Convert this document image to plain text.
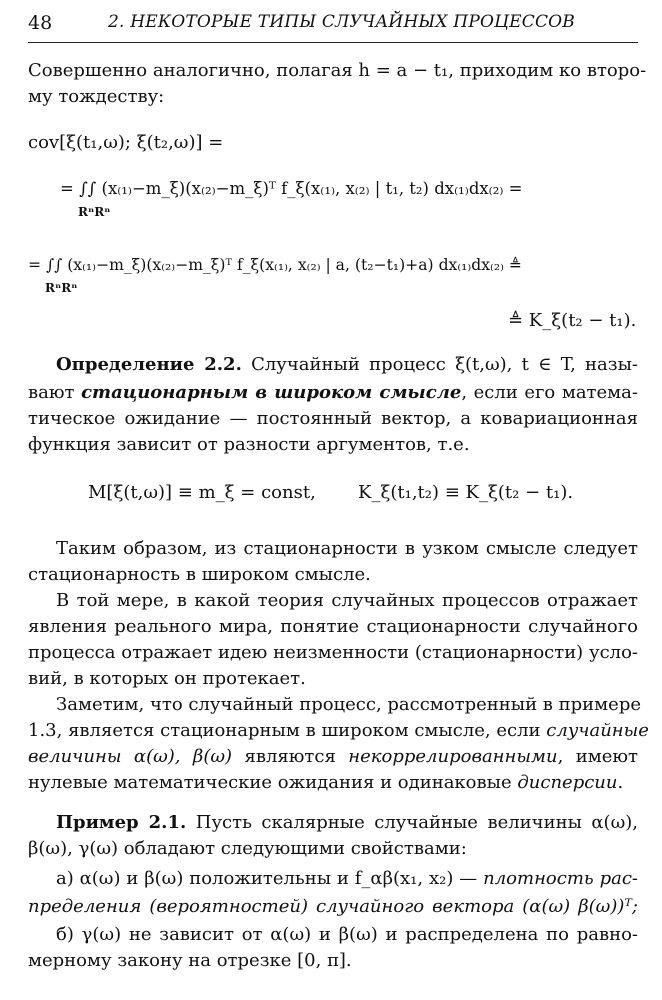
48	2. НЕКОТОРЫЕ ТИПЫ СЛУЧАЙНЫХ ПРОЦЕССОВ
Совершенно аналогично, полагая h = a − t₁, приходим ко второ-
му тождеству:
cov[ξ(t₁,ω); ξ(t₂,ω)] =
= ∫∫ (x₍₁₎−m_ξ)(x₍₂₎−m_ξ)ᵀ f_ξ(x₍₁₎, x₍₂₎ | t₁, t₂) dx₍₁₎dx₍₂₎ =
RⁿRⁿ
= ∫∫ (x₍₁₎−m_ξ)(x₍₂₎−m_ξ)ᵀ f_ξ(x₍₁₎, x₍₂₎ | a, (t₂−t₁)+a) dx₍₁₎dx₍₂₎ ≜
RⁿRⁿ
≜ K_ξ(t₂ − t₁).
Определение 2.2. Случайный процесс ξ(t,ω), t ∈ T, назы-
вают стационарным в широком смысле, если его матема-
тическое ожидание — постоянный вектор, а ковариационная
функция зависит от разности аргументов, т.е.
M[ξ(t,ω)] ≡ m_ξ = const, K_ξ(t₁,t₂) ≡ K_ξ(t₂ − t₁).
Таким образом, из стационарности в узком смысле следует
стационарность в широком смысле.
В той мере, в какой теория случайных процессов отражает
явления реального мира, понятие стационарности случайного
процесса отражает идею неизменности (стационарности) усло-
вий, в которых он протекает.
Заметим, что случайный процесс, рассмотренный в примере
1.3, является стационарным в широком смысле, если случайные
величины α(ω), β(ω) являются некоррелированными, имеют
нулевые математические ожидания и одинаковые дисперсии.
Пример 2.1. Пусть скалярные случайные величины α(ω),
β(ω), γ(ω) обладают следующими свойствами:
а) α(ω) и β(ω) положительны и f_αβ(x₁, x₂) — плотность рас-
пределения (вероятностей) случайного вектора (α(ω) β(ω))ᵀ;
б) γ(ω) не зависит от α(ω) и β(ω) и распределена по равно-
мерному закону на отрезке [0, π].
